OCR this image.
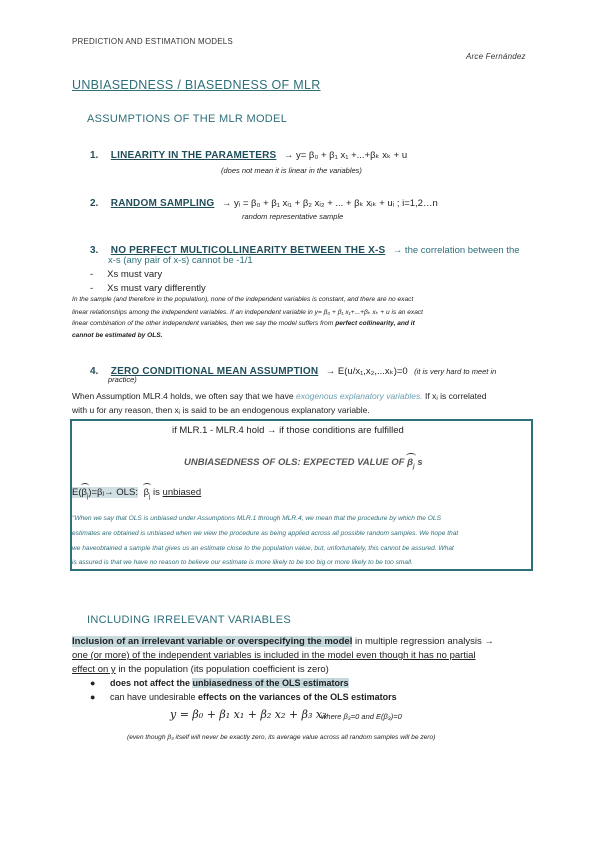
PREDICTION AND ESTIMATION MODELS
Arce Fernández
UNBIASEDNESS / BIASEDNESS OF MLR
ASSUMPTIONS OF THE MLR MODEL
1. LINEARITY IN THE PARAMETERS → y= β₀ + β₁ x₁ +...+βₖ xₖ + u
(does not mean it is linear in the variables)
2. RANDOM SAMPLING → yᵢ = β₀ + β₁ xᵢ₁ + β₂ xᵢ₂ + ... + βₖ xᵢₖ + uᵢ ; i=1,2…n
random representative sample
3. NO PERFECT MULTICOLLINEARITY BETWEEN THE X-S → the correlation between the
x-s (any pair of x-s) cannot be -1/1
- Xs must vary
- Xs must vary differently
In the sample (and therefore in the population), none of the independent variables is constant, and there are no exact
linear relationships among the independent variables. If an independent variable in y= β₀ + β₁ x₁+...+βₖ xₖ + u is an exact
linear combination of the other independent variables, then we say the model suffers from perfect collinearity, and it
cannot be estimated by OLS.
4. ZERO CONDITIONAL MEAN ASSUMPTION → E(u/x₁,x₂,...xₖ)=0 (it is very hard to meet in
practice)
When Assumption MLR.4 holds, we often say that we have exogenous explanatory variables. If xⱼ is correlated
with u for any reason, then xⱼ is said to be an endogenous explanatory variable.
if MLR.1 - MLR.4 hold → if those conditions are fulfilled
UNBIASEDNESS OF OLS: EXPECTED VALUE OF $\beta_j$ s
$E(\beta_j)=\beta ⱼ\to$ OLS: $\beta_j$ is unbiased
"When we say that OLS is unbiased under Assumptions MLR.1 through MLR.4, we mean that the procedure by which the OLS
estimates are obtained is unbiased when we view the procedure as being applied across all possible random samples. We hope that
we haveobtained a sample that gives us an estimate close to the population value, but, unfortunately, this cannot be assured. What
is assured is that we have no reason to believe our estimate is more likely to be too big or more likely to be too small.
INCLUDING IRRELEVANT VARIABLES
Inclusion of an irrelevant variable or overspecifying the model in multiple regression analysis →
one (or more) of the independent variables is included in the model even though it has no partial
effect on y in the population (its population coefficient is zero)
● does not affect the unbiasedness of the OLS estimators
● can have undesirable effects on the variances of the OLS estimators
y = β₀ + β₁ x₁ + β₂ x₂ + β₃ x₃
where β₃=0 and E(β₃)=0
(even though β₃ itself will never be exactly zero, its average value across all random samples will be zero)
